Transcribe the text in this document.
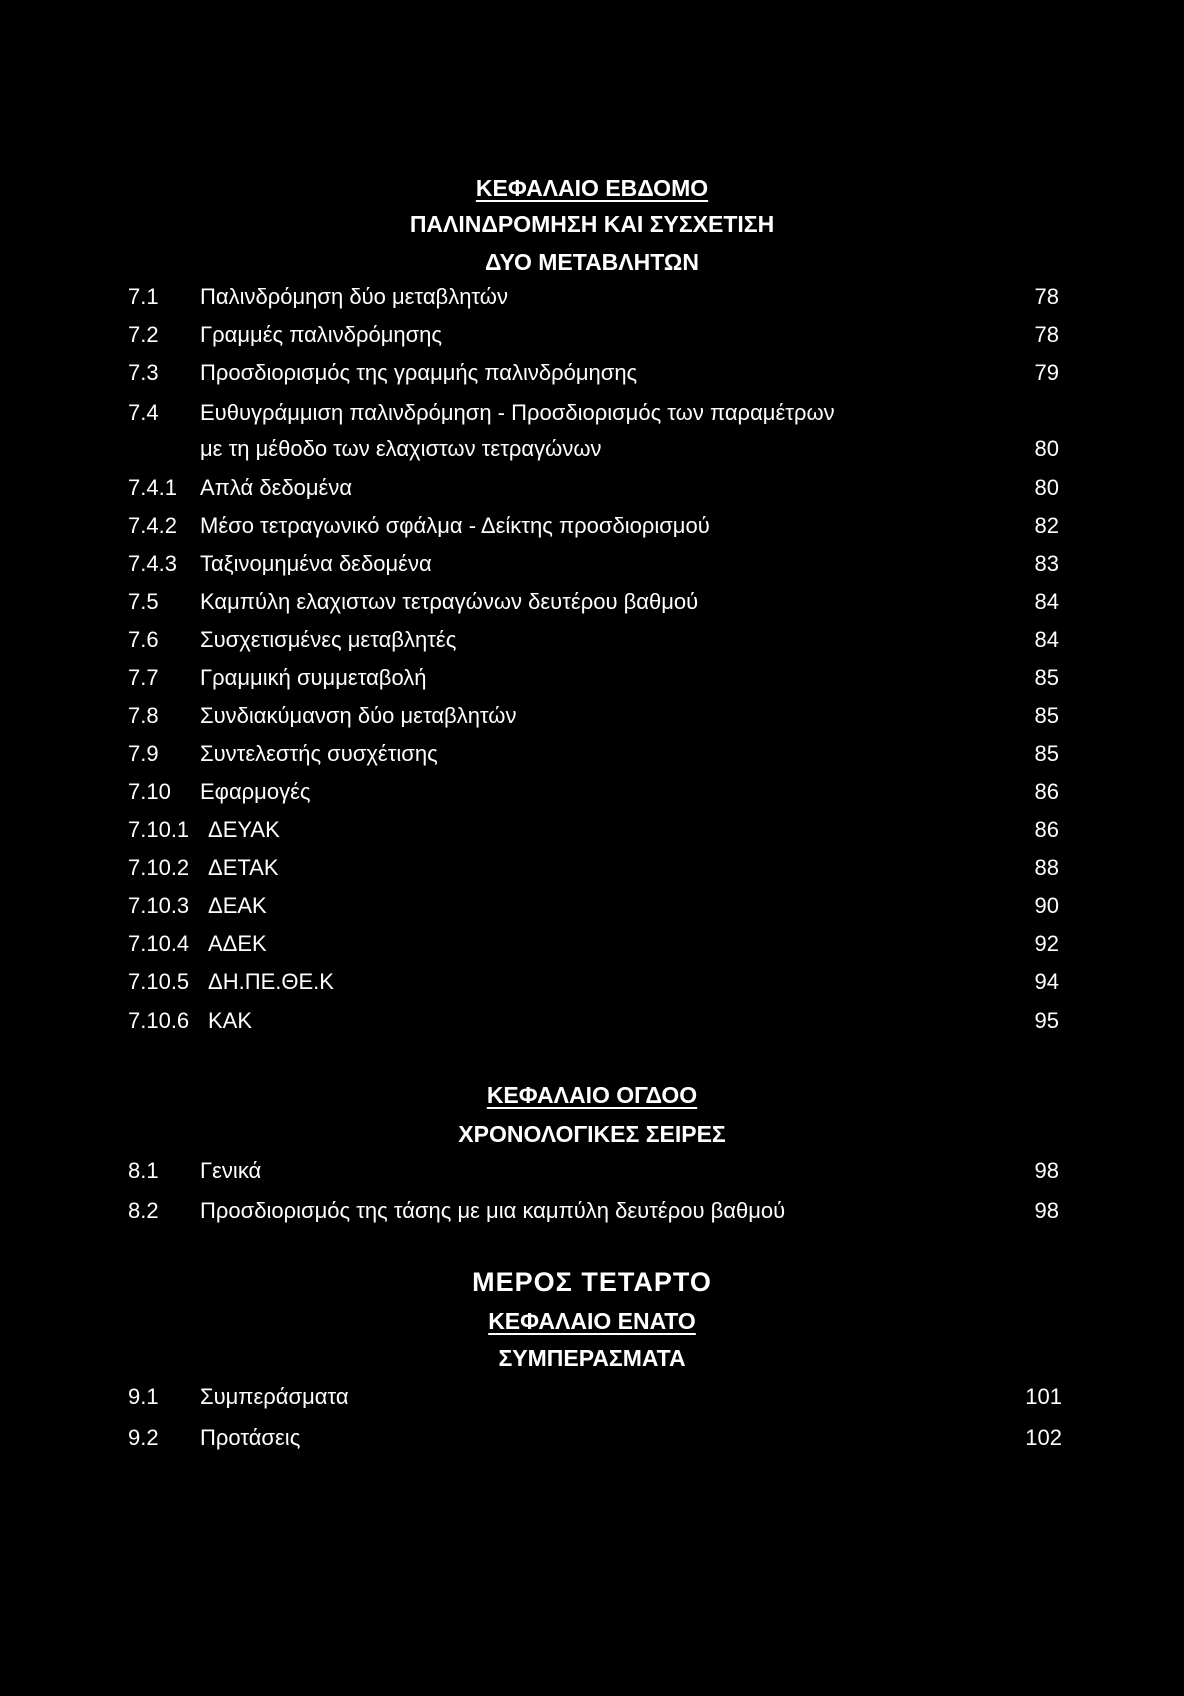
ΚΕΦΑΛΑΙΟ ΕΒΔΟΜΟ
ΠΑΛΙΝΔΡΟΜΗΣΗ ΚΑΙ ΣΥΣΧΕΤΙΣΗ
ΔΥΟ ΜΕΤΑΒΛΗΤΩΝ
7.1 Παλινδρόμηση δύο μεταβλητών	78
7.2 Γραμμές παλινδρόμησης	78
7.3 Προσδιορισμός της γραμμής παλινδρόμησης	79
7.4 Ευθυγράμμιση παλινδρόμηση - Προσδιορισμός των παραμέτρων
με τη μέθοδο των ελαχιστων τετραγώνων	80
7.4.1 Απλά δεδομένα	80
7.4.2 Μέσο τετραγωνικό σφάλμα - Δείκτης προσδιορισμού	82
7.4.3 Ταξινομημένα δεδομένα	83
7.5 Καμπύλη ελαχιστων τετραγώνων δευτέρου βαθμού	84
7.6 Συσχετισμένες μεταβλητές	84
7.7 Γραμμική συμμεταβολή	85
7.8 Συνδιακύμανση δύο μεταβλητών	85
7.9 Συντελεστής συσχέτισης	85
7.10 Εφαρμογές	86
7.10.1 ΔΕΥΑΚ	86
7.10.2 ΔΕΤΑΚ	88
7.10.3 ΔΕΑΚ	90
7.10.4 ΑΔΕΚ	92
7.10.5 ΔΗ.ΠΕ.ΘΕ.Κ	94
7.10.6 ΚΑΚ	95
ΚΕΦΑΛΑΙΟ ΟΓΔΟΟ
ΧΡΟΝΟΛΟΓΙΚΕΣ ΣΕΙΡΕΣ
8.1 Γενικά	98
8.2 Προσδιορισμός της τάσης με μια καμπύλη δευτέρου βαθμού	98
ΜΕΡΟΣ ΤΕΤΑΡΤΟ
ΚΕΦΑΛΑΙΟ ΕΝΑΤΟ
ΣΥΜΠΕΡΑΣΜΑΤΑ
9.1 Συμπεράσματα	101
9.2 Προτάσεις	102
